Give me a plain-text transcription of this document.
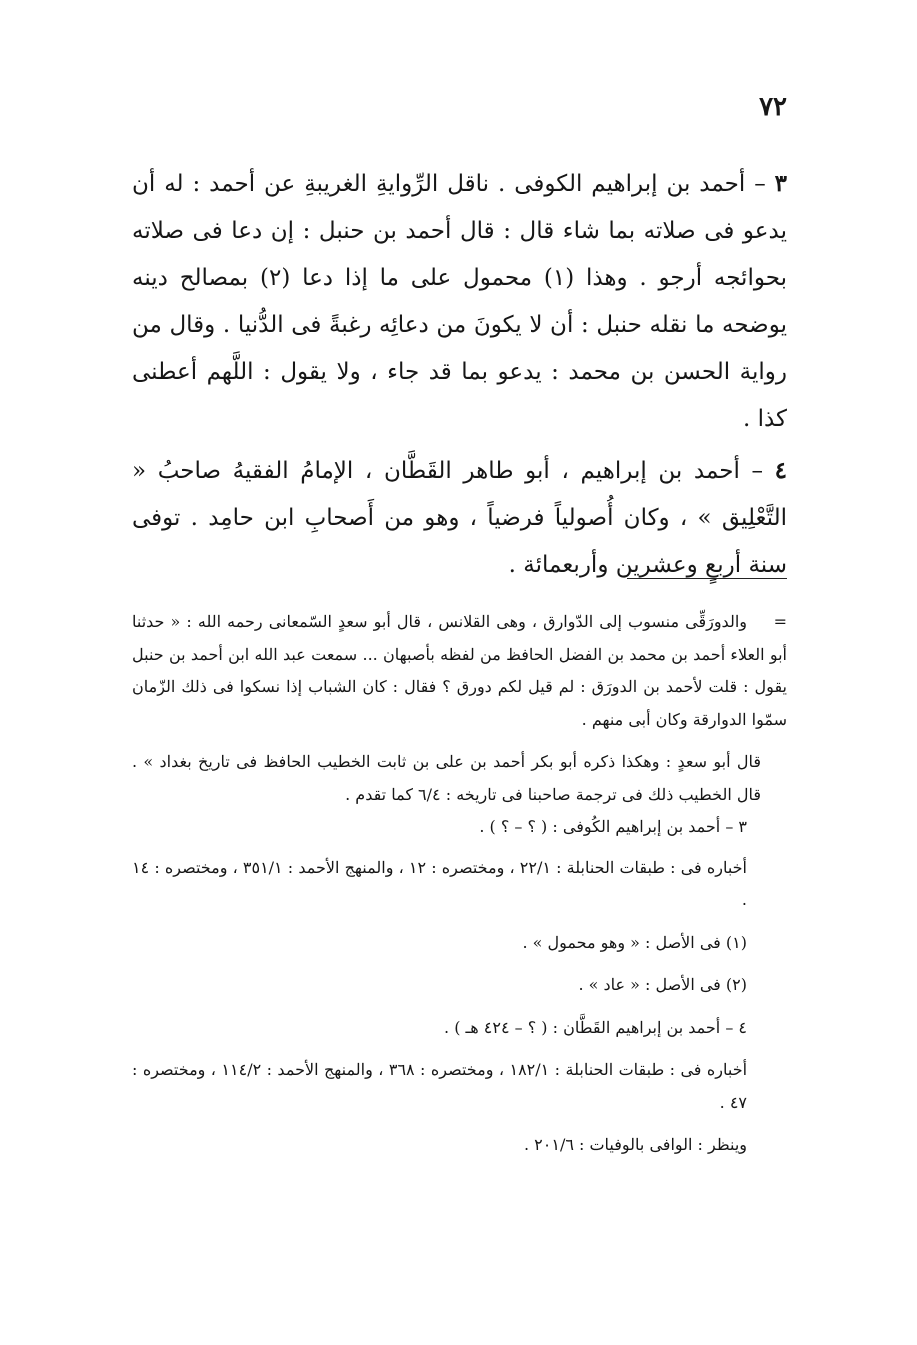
٧٢

٣ – أحمد بن إبراهيم الكوفى . ناقل الرِّوايةِ الغريبةِ عن أحمد : له أن يدعو فى صلاته بما شاء قال : قال أحمد بن حنبل : إن دعا فى صلاته بحوائجه أرجو . وهذا (١) محمول على ما إذا دعا (٢) بمصالح دينه يوضحه ما نقله حنبل : أن لا يكونَ من دعائِه رغبةً فى الدُّنيا . وقال من رواية الحسن بن محمد : يدعو بما قد جاء ، ولا يقول : اللَّهم أعطنى كذا .

٤ – أحمد بن إبراهيم ، أبو طاهر القَطَّان ، الإمامُ الفقيهُ صاحبُ « التَّعْلِيق » ، وكان أُصولياً فرضياً ، وهو من أَصحابِ ابن حامِد . توفى سنة أربعٍ وعشرين وأربعمائة .

=والدورَقِّى منسوب إلى الدّوارق ، وهى القلانس ، قال أبو سعدٍ السّمعانى رحمه الله : « حدثنا أبو العلاء أحمد بن محمد بن الفضل الحافظ من لفظه بأصبهان ... سمعت عبد الله ابن أحمد بن حنبل يقول : قلت لأحمد بن الدورَق : لم قيل لكم دورق ؟ فقال : كان الشباب إذا نسكوا فى ذلك الزّمان سمّوا الدوارقة وكان أبى منهم .

قال أبو سعدٍ : وهكذا ذكره أبو بكر أحمد بن على بن ثابت الخطيب الحافظ فى تاريخ بغداد » . قال الخطيب ذلك فى ترجمة صاحبنا فى تاريخه : ٦/٤ كما تقدم .

٣ – أحمد بن إبراهيم الكُوفى : ( ؟ – ؟ ) .

أخباره فى : طبقات الحنابلة : ٢٢/١ ، ومختصره : ١٢ ، والمنهج الأحمد : ٣٥١/١ ، ومختصره : ١٤ .

(١) فى الأصل : « وهو محمول » .

(٢) فى الأصل : « عاد » .

٤ – أحمد بن إبراهيم القَطَّان : ( ؟ – ٤٢٤ هـ ) .

أخباره فى : طبقات الحنابلة : ١٨٢/١ ، ومختصره : ٣٦٨ ، والمنهج الأحمد : ١١٤/٢ ، ومختصره : ٤٧ .

وينظر : الوافى بالوفيات : ٢٠١/٦ .
